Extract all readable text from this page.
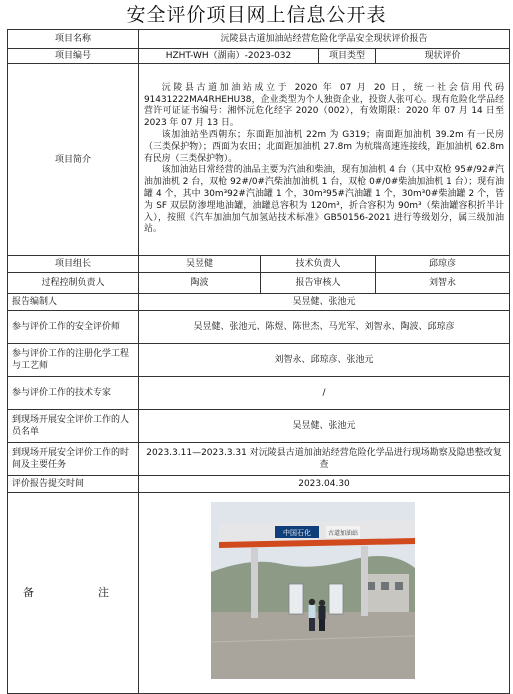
安全评价项目网上信息公开表
项目名称	沅陵县古道加油站经营危险化学品安全现状评价报告			
项目编号	HZHT-WH（湖南）-2023-032		项目类型	现状评价
项目简介	沅陵县古道加油站成立于 2020 年 07 月 20 日，统一社会信用代码 91431222MA4RHEHU38，企业类型为个人独资企业，投资人张可心。现有危险化学品经营许可证证书编号：湘怀沅危化经字 2020（002），有效期限：2020 年 07 月 14 日至 2023 年 07 月 13 日。

该加油站坐西朝东；东面距加油机 22m 为 G319；南面距加油机 39.2m 有一民房（三类保护物）；西面为农田；北面距加油机 27.8m 为杭瑞高速连接线，距加油机 62.8m 有民房（三类保护物）。

该加油站日常经营的油品主要为汽油和柴油，现有加油机 4 台（其中双枪 95#/92#汽油加油机 2 台，双枪 92#/0#汽柴油加油机 1 台，双枪 0#/0#柴油加油机 1 台）；现有油罐 4 个，其中 30m³92#汽油罐 1 个，30m³95#汽油罐 1 个，30m³0#柴油罐 2 个，皆为 SF 双层防渗埋地油罐，油罐总容积为 120m³，折合容积为 90m³（柴油罐容积折半计入），按照《汽车加油加气加氢站技术标准》GB50156-2021 进行等级划分，属三级加油站。			

项目组长	吴昱健	技术负责人		邱琼彦
过程控制负责人	陶波	报告审核人		刘智永
报告编制人	吴昱健、张池元			
参与评价工作的安全评价师	吴昱健、张池元、陈煜、陈世杰、马光军、刘智永、陶波、邱琼彦			
参与评价工作的注册化学工程与工艺师	刘智永、邱琼彦、张池元			
参与评价工作的技术专家	/			
到现场开展安全评价工作的人员名单	吴昱健、张池元			
到现场开展安全评价工作的时间及主要任务	2023.3.11—2023.3.31 对沅陵县古道加油站经营危险化学品进行现场勘察及隐患整改复查			
评价报告提交时间	2023.04.30			
备　　注	中国石化 古道加油站			
